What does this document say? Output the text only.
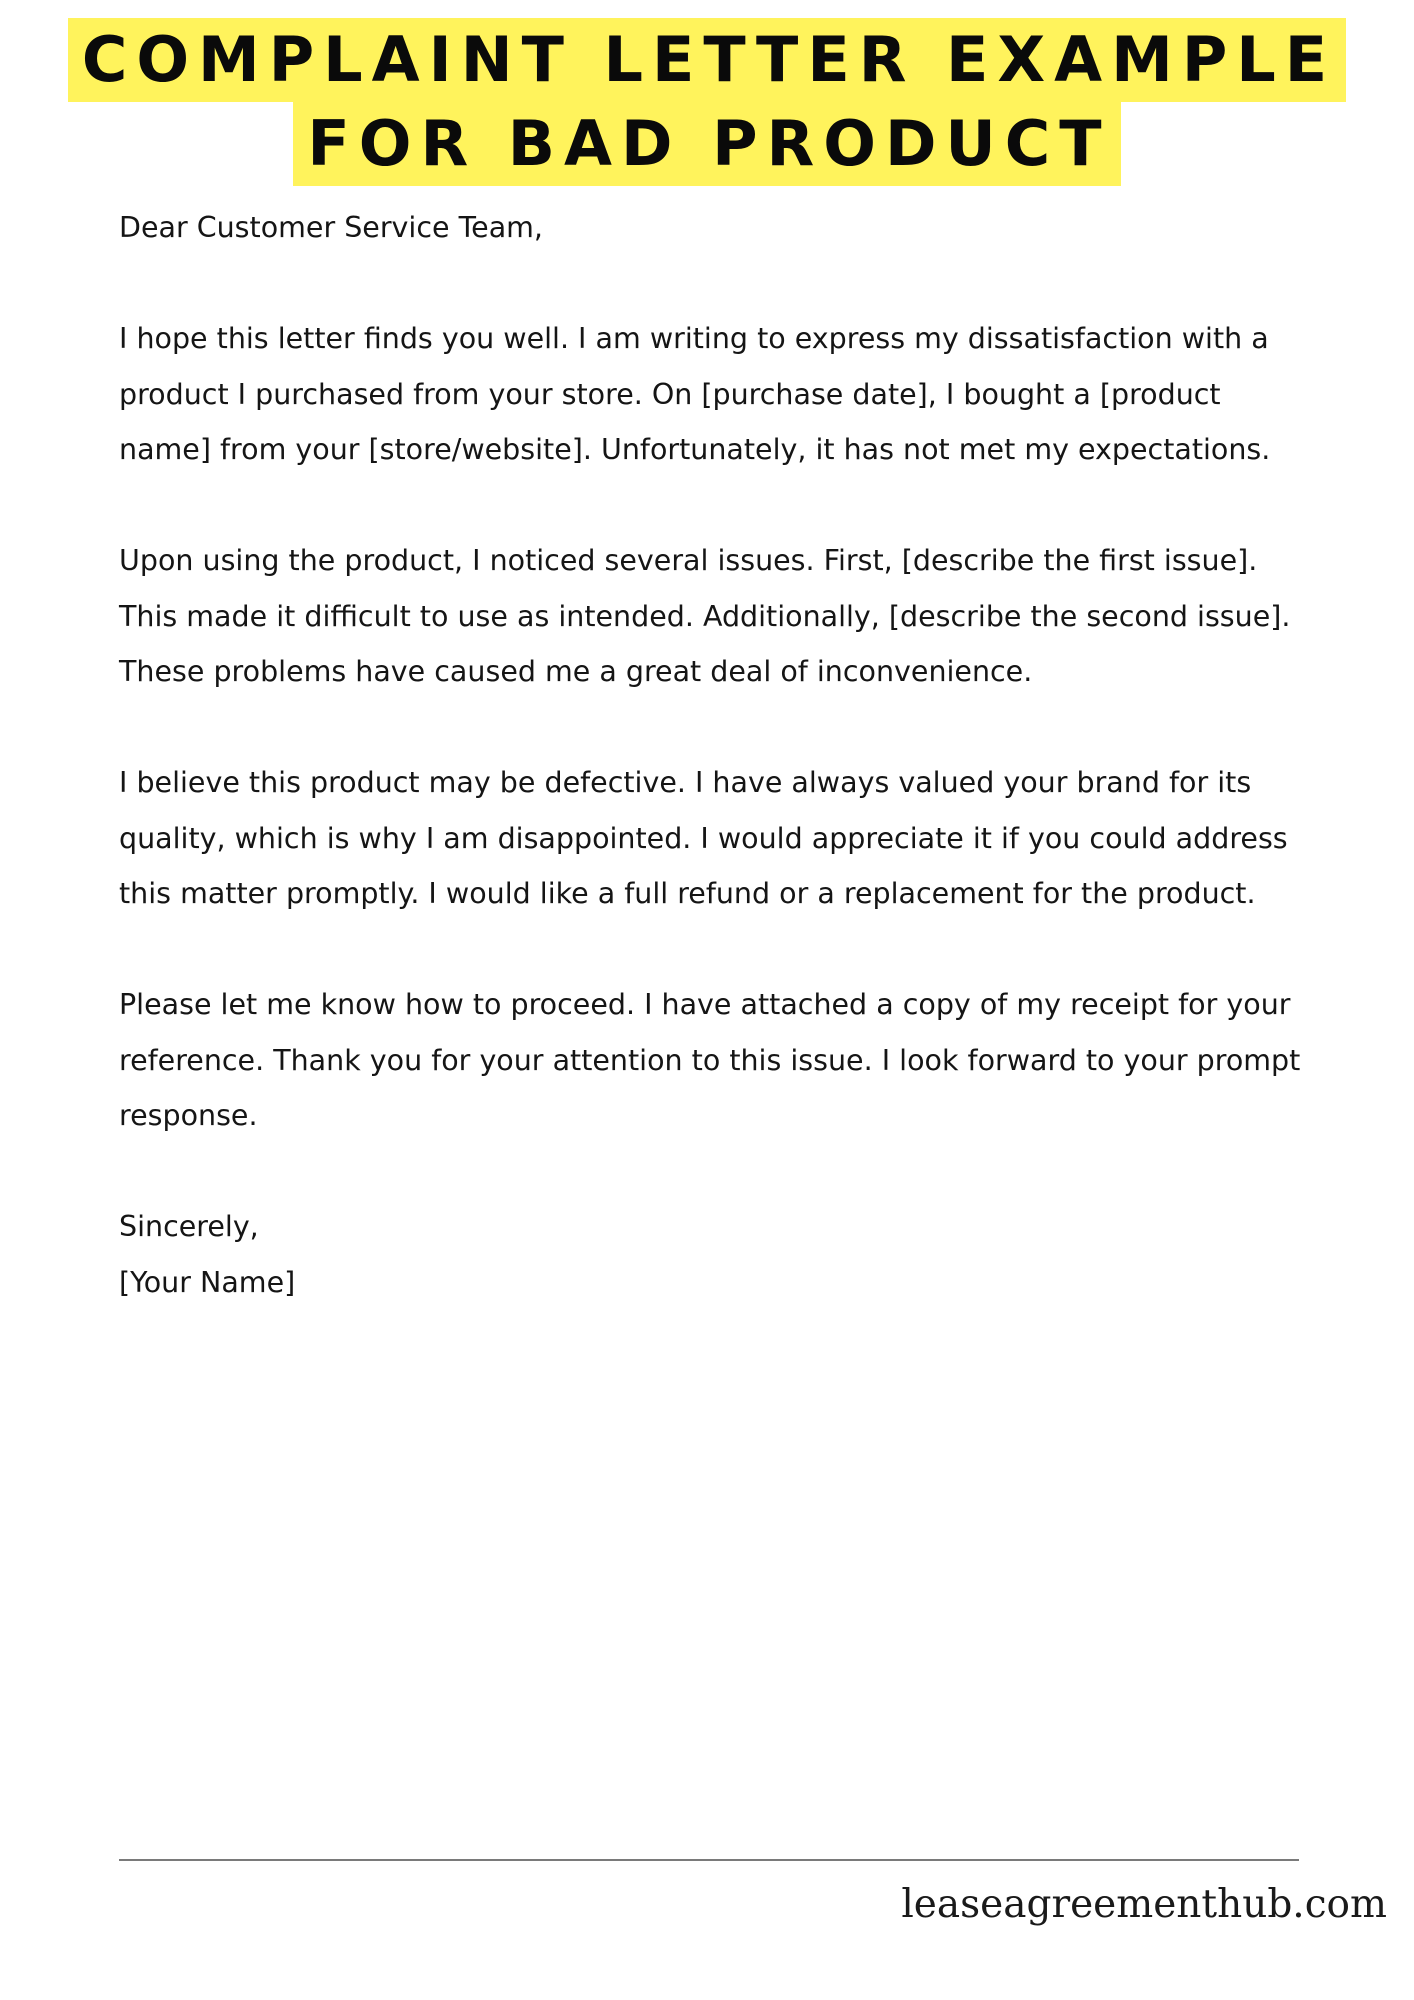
COMPLAINT LETTER EXAMPLE
FOR BAD PRODUCT

Dear Customer Service Team,

I hope this letter finds you well. I am writing to express my dissatisfaction with a product I purchased from your store. On [purchase date], I bought a [product name] from your [store/website]. Unfortunately, it has not met my expectations.

Upon using the product, I noticed several issues. First, [describe the first issue]. This made it difficult to use as intended. Additionally, [describe the second issue]. These problems have caused me a great deal of inconvenience.

I believe this product may be defective. I have always valued your brand for its quality, which is why I am disappointed. I would appreciate it if you could address this matter promptly. I would like a full refund or a replacement for the product.

Please let me know how to proceed. I have attached a copy of my receipt for your reference. Thank you for your attention to this issue. I look forward to your prompt response.

Sincerely,

[Your Name]

leaseagreementhub.com
